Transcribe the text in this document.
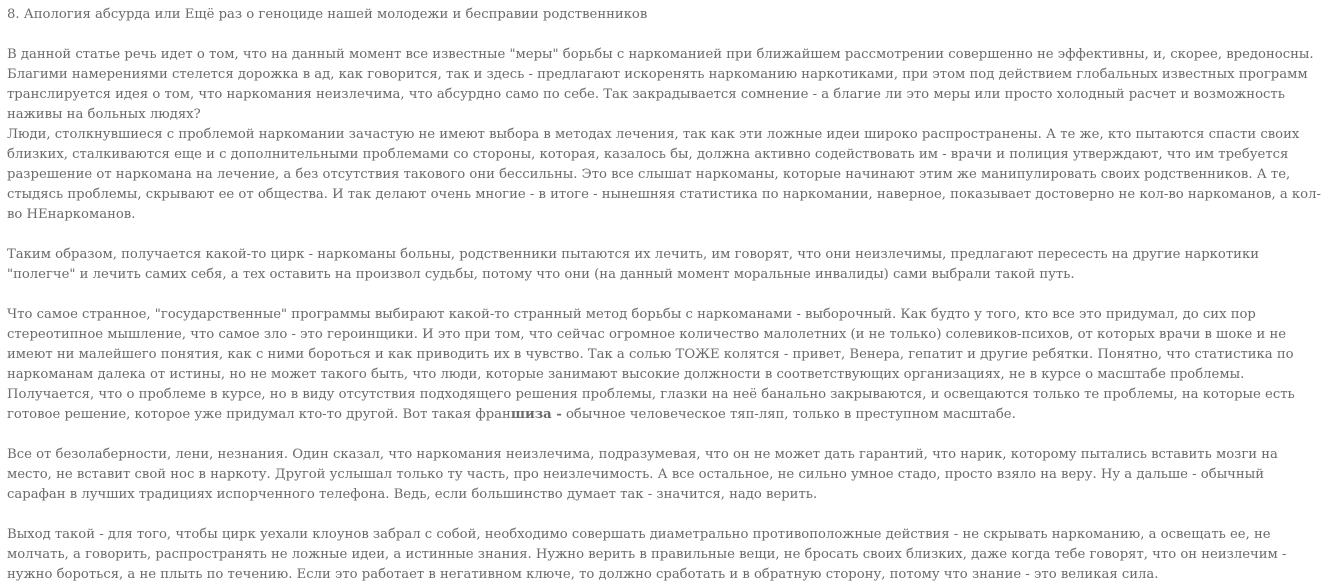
8. Апология абсурда или Ещё раз о геноциде нашей молодежи и бесправии родственников

В данной статье речь идет о том, что на данный момент все известные "меры" борьбы с наркоманией при ближайшем рассмотрении совершенно не эффективны, и, скорее, вредоносны. Благими намерениями стелется дорожка в ад, как говорится, так и здесь - предлагают искоренять наркоманию наркотиками, при этом под действием глобальных известных программ транслируется идея о том, что наркомания неизлечима, что абсурдно само по себе. Так закрадывается сомнение - а благие ли это меры или просто холодный расчет и возможность наживы на больных людях?

Люди, столкнувшиеся с проблемой наркомании зачастую не имеют выбора в методах лечения, так как эти ложные идеи широко распространены. А те же, кто пытаются спасти своих близких, сталкиваются еще и с дополнительными проблемами со стороны, которая, казалось бы, должна активно содействовать им - врачи и полиция утверждают, что им требуется разрешение от наркомана на лечение, а без отсутствия такового они бессильны. Это все слышат наркоманы, которые начинают этим же манипулировать своих родственников. А те, стыдясь проблемы, скрывают ее от общества. И так делают очень многие - в итоге - нынешняя статистика по наркомании, наверное, показывает достоверно не кол-во наркоманов, а кол-во НЕнаркоманов.

Таким образом, получается какой-то цирк - наркоманы больны, родственники пытаются их лечить, им говорят, что они неизлечимы, предлагают пересесть на другие наркотики "полегче" и лечить самих себя, а тех оставить на произвол судьбы, потому что они (на данный момент моральные инвалиды) сами выбрали такой путь.

Что самое странное, "государственные" программы выбирают какой-то странный метод борьбы с наркоманами - выборочный. Как будто у того, кто все это придумал, до сих пор стереотипное мышление, что самое зло - это героинщики. И это при том, что сейчас огромное количество малолетних (и не только) солевиков-психов, от которых врачи в шоке и не имеют ни малейшего понятия, как с ними бороться и как приводить их в чувство. Так а солью ТОЖЕ колятся - привет, Венера, гепатит и другие ребятки. Понятно, что статистика по наркоманам далека от истины, но не может такого быть, что люди, которые занимают высокие должности в соответствующих организациях, не в курсе о масштабе проблемы. Получается, что о проблеме в курсе, но в виду отсутствия подходящего решения проблемы, глазки на неё банально закрываются, и освещаются только те проблемы, на которые есть готовое решение, которое уже придумал кто-то другой. Вот такая франшиза - обычное человеческое тяп-ляп, только в преступном масштабе.

Все от безолаберности, лени, незнания. Один сказал, что наркомания неизлечима, подразумевая, что он не может дать гарантий, что нарик, которому пытались вставить мозги на место, не вставит свой нос в наркоту. Другой услышал только ту часть, про неизлечимость. А все остальное, не сильно умное стадо, просто взяло на веру. Ну а дальше - обычный сарафан в лучших традициях испорченного телефона. Ведь, если большинство думает так - значится, надо верить.

Выход такой - для того, чтобы цирк уехали клоунов забрал с собой, необходимо совершать диаметрально противоположные действия - не скрывать наркоманию, а освещать ее, не молчать, а говорить, распространять не ложные идеи, а истинные знания. Нужно верить в правильные вещи, не бросать своих близких, даже когда тебе говорят, что он неизлечим - нужно бороться, а не плыть по течению. Если это работает в негативном ключе, то должно сработать и в обратную сторону, потому что знание - это великая сила.
